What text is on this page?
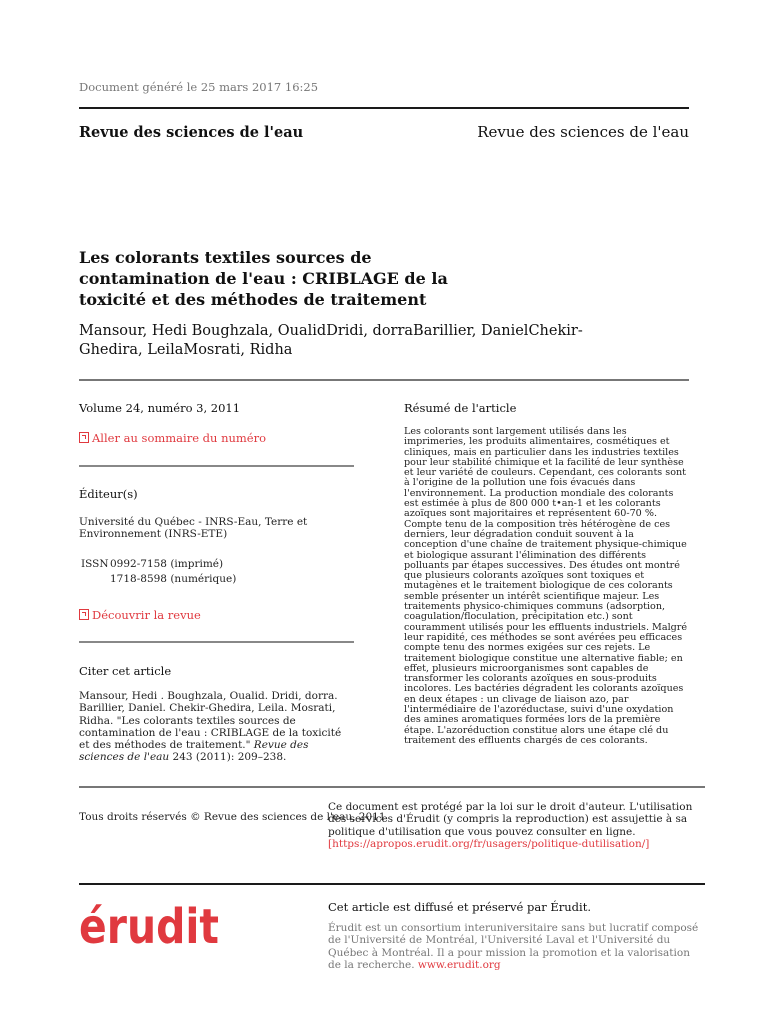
Document généré le 25 mars 2017 16:25
Revue des sciences de l'eau	Revue des sciences de l'eau
Les colorants textiles sources de contamination de l'eau : CRIBLAGE de la toxicité et des méthodes de traitement
Mansour, Hedi Boughzala, OualidDridi, dorraBarillier, DanielChekir-Ghedira, LeilaMosrati, Ridha
Volume 24, numéro 3, 2011
Aller au sommaire du numéro
Éditeur(s)
Université du Québec - INRS-Eau, Terre et Environnement (INRS-ETE)
ISSN 0992-7158 (imprimé)
1718-8598 (numérique)
Découvrir la revue
Citer cet article
Mansour, Hedi . Boughzala, Oualid. Dridi, dorra. Barillier, Daniel. Chekir-Ghedira, Leila. Mosrati, Ridha. "Les colorants textiles sources de contamination de l'eau : CRIBLAGE de la toxicité et des méthodes de traitement." Revue des sciences de l'eau 243 (2011): 209–238.
Résumé de l'article
Les colorants sont largement utilisés dans les imprimeries, les produits alimentaires, cosmétiques et cliniques, mais en particulier dans les industries textiles pour leur stabilité chimique et la facilité de leur synthèse et leur variété de couleurs. Cependant, ces colorants sont à l'origine de la pollution une fois évacués dans l'environnement. La production mondiale des colorants est estimée à plus de 800 000 t•an-1 et les colorants azoïques sont majoritaires et représentent 60-70 %. Compte tenu de la composition très hétérogène de ces derniers, leur dégradation conduit souvent à la conception d'une chaîne de traitement physique-chimique et biologique assurant l'élimination des différents polluants par étapes successives. Des études ont montré que plusieurs colorants azoïques sont toxiques et mutagènes et le traitement biologique de ces colorants semble présenter un intérêt scientifique majeur. Les traitements physico-chimiques communs (adsorption, coagulation/floculation, précipitation etc.) sont couramment utilisés pour les effluents industriels. Malgré leur rapidité, ces méthodes se sont avérées peu efficaces compte tenu des normes exigées sur ces rejets. Le traitement biologique constitue une alternative fiable; en effet, plusieurs microorganismes sont capables de transformer les colorants azoïques en sous-produits incolores. Les bactéries dégradent les colorants azoïques en deux étapes : un clivage de liaison azo, par l'intermédiaire de l'azoréductase, suivi d'une oxydation des amines aromatiques formées lors de la première étape. L'azoréduction constitue alors une étape clé du traitement des effluents chargés de ces colorants.
Tous droits réservés © Revue des sciences de l'eau, 2011
Ce document est protégé par la loi sur le droit d'auteur. L'utilisation des services d'Érudit (y compris la reproduction) est assujettie à sa politique d'utilisation que vous pouvez consulter en ligne. [https://apropos.erudit.org/fr/usagers/politique-dutilisation/]
érudit	Cet article est diffusé et préservé par Érudit.
Érudit est un consortium interuniversitaire sans but lucratif composé de l'Université de Montréal, l'Université Laval et l'Université du Québec à Montréal. Il a pour mission la promotion et la valorisation de la recherche. www.erudit.org
